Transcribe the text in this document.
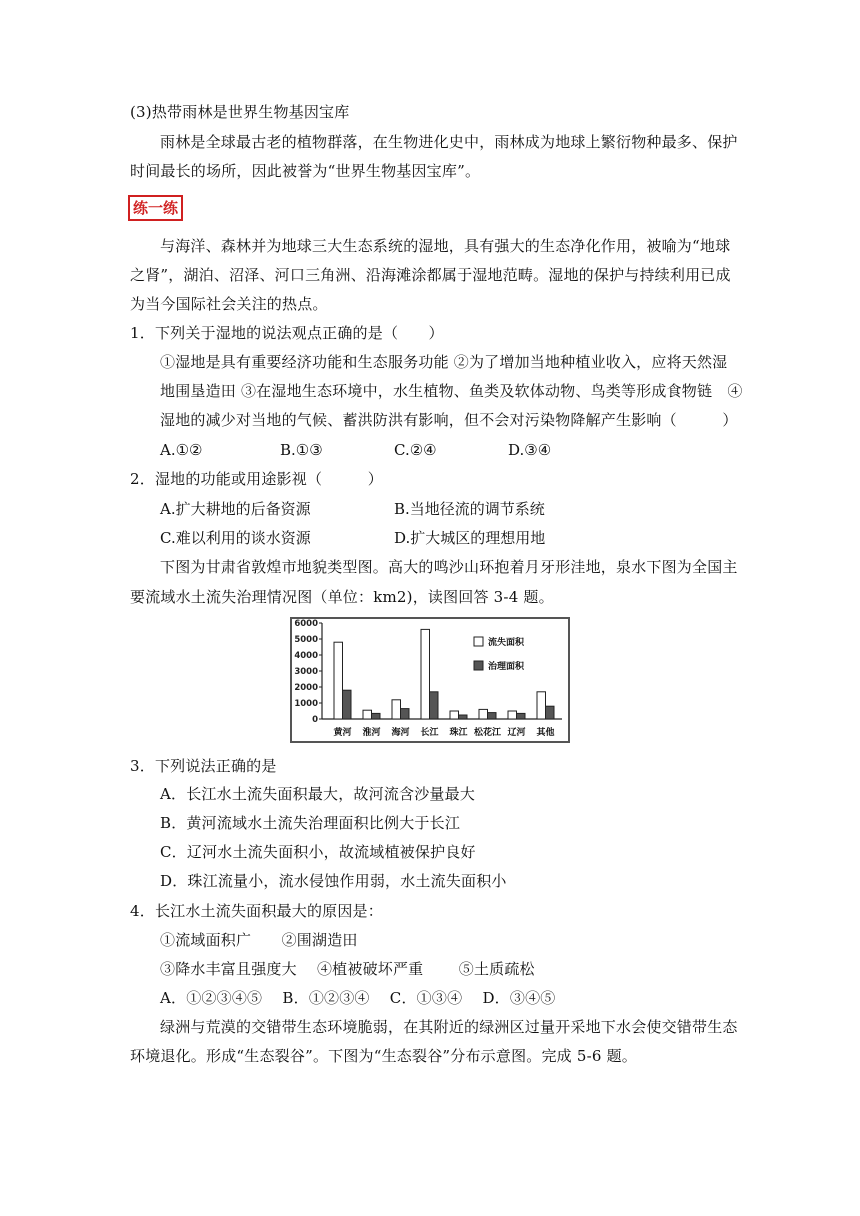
(3)热带雨林是世界生物基因宝库
雨林是全球最古老的植物群落，在生物进化史中，雨林成为地球上繁衍物种最多、保护
时间最长的场所，因此被誉为“世界生物基因宝库”。
练一练
与海洋、森林并为地球三大生态系统的湿地，具有强大的生态净化作用，被喻为“地球
之肾”，湖泊、沼泽、河口三角洲、沿海滩涂都属于湿地范畴。湿地的保护与持续利用已成
为当今国际社会关注的热点。
1．下列关于湿地的说法观点正确的是（　　）
①湿地是具有重要经济功能和生态服务功能 ②为了增加当地种植业收入，应将天然湿
地围垦造田 ③在湿地生态环境中，水生植物、鱼类及软体动物、鸟类等形成食物链　④
湿地的减少对当地的气候、蓄洪防洪有影响，但不会对污染物降解产生影响（　　　）
A.①②	B.①③	C.②④	D.③④
2．湿地的功能或用途影视（　　　）
A.扩大耕地的后备资源	B.当地径流的调节系统
C.难以利用的谈水资源	D.扩大城区的理想用地
下图为甘肃省敦煌市地貌类型图。高大的鸣沙山环抱着月牙形洼地，泉水下图为全国主
要流域水土流失治理情况图（单位：km2)，读图回答 3-4 题。
0
1000
2000
3000
4000
5000
6000
黄河 淮河 海河 长江 珠江 松花江 辽河 其他
流失面积
治理面积
3．下列说法正确的是
A．长江水土流失面积最大，故河流含沙量最大
B．黄河流域水土流失治理面积比例大于长江
C．辽河水土流失面积小，故流域植被保护良好
D．珠江流量小，流水侵蚀作用弱，水土流失面积小
4．长江水土流失面积最大的原因是：
①流域面积广　　②围湖造田
③降水丰富且强度大　 ④植被破坏严重　　 ⑤土质疏松
A．①②③④⑤　 B．①②③④　 C．①③④　 D．③④⑤
绿洲与荒漠的交错带生态环境脆弱，在其附近的绿洲区过量开采地下水会使交错带生态
环境退化。形成“生态裂谷”。下图为“生态裂谷”分布示意图。完成 5-6 题。
